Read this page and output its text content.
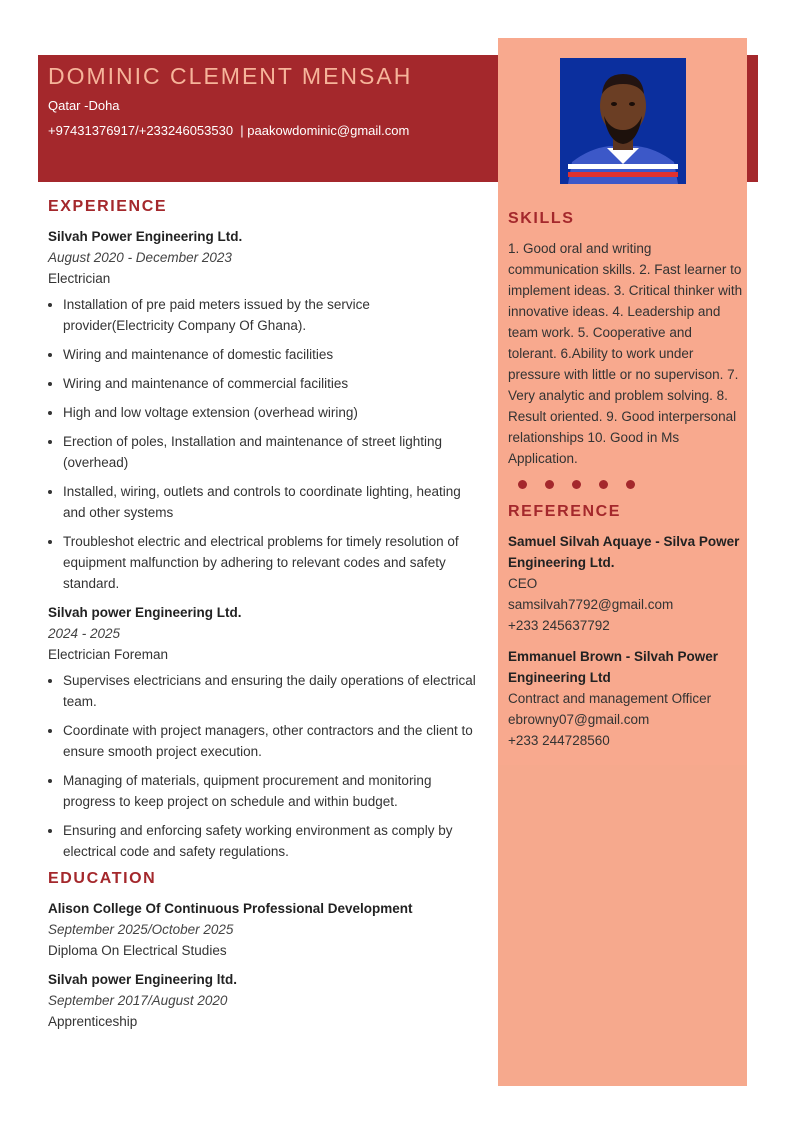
DOMINIC CLEMENT MENSAH
Qatar -Doha
+97431376917/+233246053530  | paakowdominic@gmail.com
EXPERIENCE
Silvah Power Engineering Ltd.
August 2020 - December 2023
Electrician
• Installation of pre paid meters issued by the service provider(Electricity Company Of Ghana).
• Wiring and maintenance of domestic facilities
• Wiring and maintenance of commercial facilities
• High and low voltage extension (overhead wiring)
• Erection of poles, Installation and maintenance of street lighting (overhead)
• Installed, wiring, outlets and controls to coordinate lighting, heating and other systems
• Troubleshot electric and electrical problems for timely resolution of equipment malfunction by adhering to relevant codes and safety standard.
Silvah power Engineering Ltd.
2024 - 2025
Electrician Foreman
• Supervises electricians and ensuring the daily operations of electrical team.
• Coordinate with project managers, other contractors and the client to ensure smooth project execution.
• Managing of materials, quipment procurement and monitoring progress to keep project on schedule and within budget.
• Ensuring and enforcing safety working environment as comply by electrical code and safety regulations.
EDUCATION
Alison College Of Continuous Professional Development
September 2025/October 2025
Diploma On Electrical Studies
Silvah power Engineering ltd.
September 2017/August 2020
Apprenticeship
SKILLS
1. Good oral and writing communication skills. 2. Fast learner to implement ideas. 3. Critical thinker with innovative ideas. 4. Leadership and team work. 5. Cooperative and tolerant. 6.Ability to work under pressure with little or no supervison. 7. Very analytic and problem solving. 8. Result oriented. 9. Good interpersonal relationships 10. Good in Ms Application.
REFERENCE
Samuel Silvah Aquaye - Silva Power Engineering Ltd.
CEO
samsilvah7792@gmail.com
+233 245637792
Emmanuel Brown - Silvah Power Engineering Ltd
Contract and management Officer
ebrowny07@gmail.com
+233 244728560
